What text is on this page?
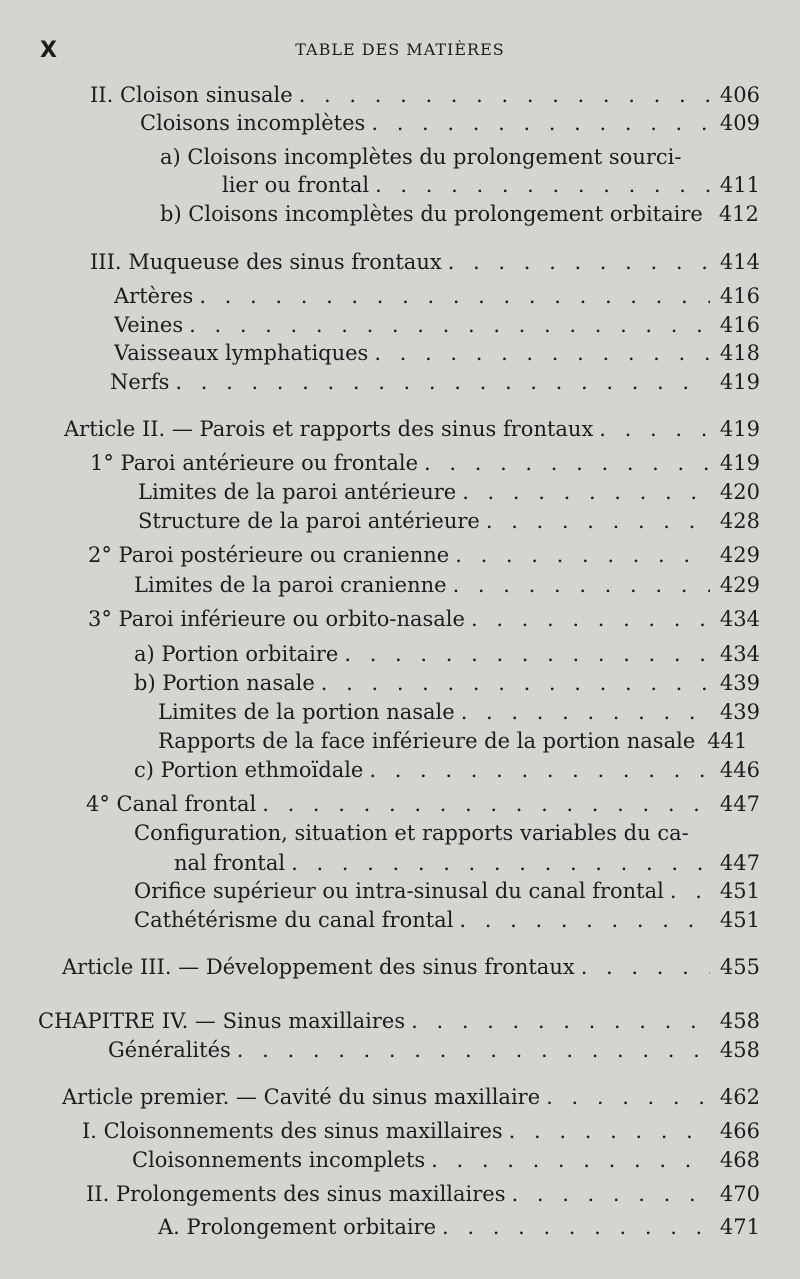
X	TABLE DES MATIÈRES
II. Cloison sinusale . . .	406
Cloisons incomplètes . . .	409
a) Cloisons incomplètes du prolongement sourci-
lier ou frontal . . .	411
b) Cloisons incomplètes du prolongement orbitaire 412
III. Muqueuse des sinus frontaux . . .	414
Artères . . .	416
Veines . . .	416
Vaisseaux lymphatiques . . .	418
Nerfs . . .	419
Article II. — Parois et rapports des sinus frontaux . . .	419
1° Paroi antérieure ou frontale . . .	419
Limites de la paroi antérieure . . .	420
Structure de la paroi antérieure . . .	428
2° Paroi postérieure ou cranienne . . .	429
Limites de la paroi cranienne . . .	429
3° Paroi inférieure ou orbito-nasale . . .	434
a) Portion orbitaire . . .	434
b) Portion nasale . . .	439
Limites de la portion nasale . . .	439
Rapports de la face inférieure de la portion nasale 441
c) Portion ethmoïdale . . .	446
4° Canal frontal . . .	447
Configuration, situation et rapports variables du ca-
nal frontal . . .	447
Orifice supérieur ou intra-sinusal du canal frontal . . .	451
Cathétérisme du canal frontal . . .	451
Article III. — Développement des sinus frontaux . . .	455
CHAPITRE IV. — Sinus maxillaires . . .	458
Généralités . . .	458
Article premier. — Cavité du sinus maxillaire . . .	462
I. Cloisonnements des sinus maxillaires . . .	466
Cloisonnements incomplets . . .	468
II. Prolongements des sinus maxillaires . . .	470
A. Prolongement orbitaire . . .	471
